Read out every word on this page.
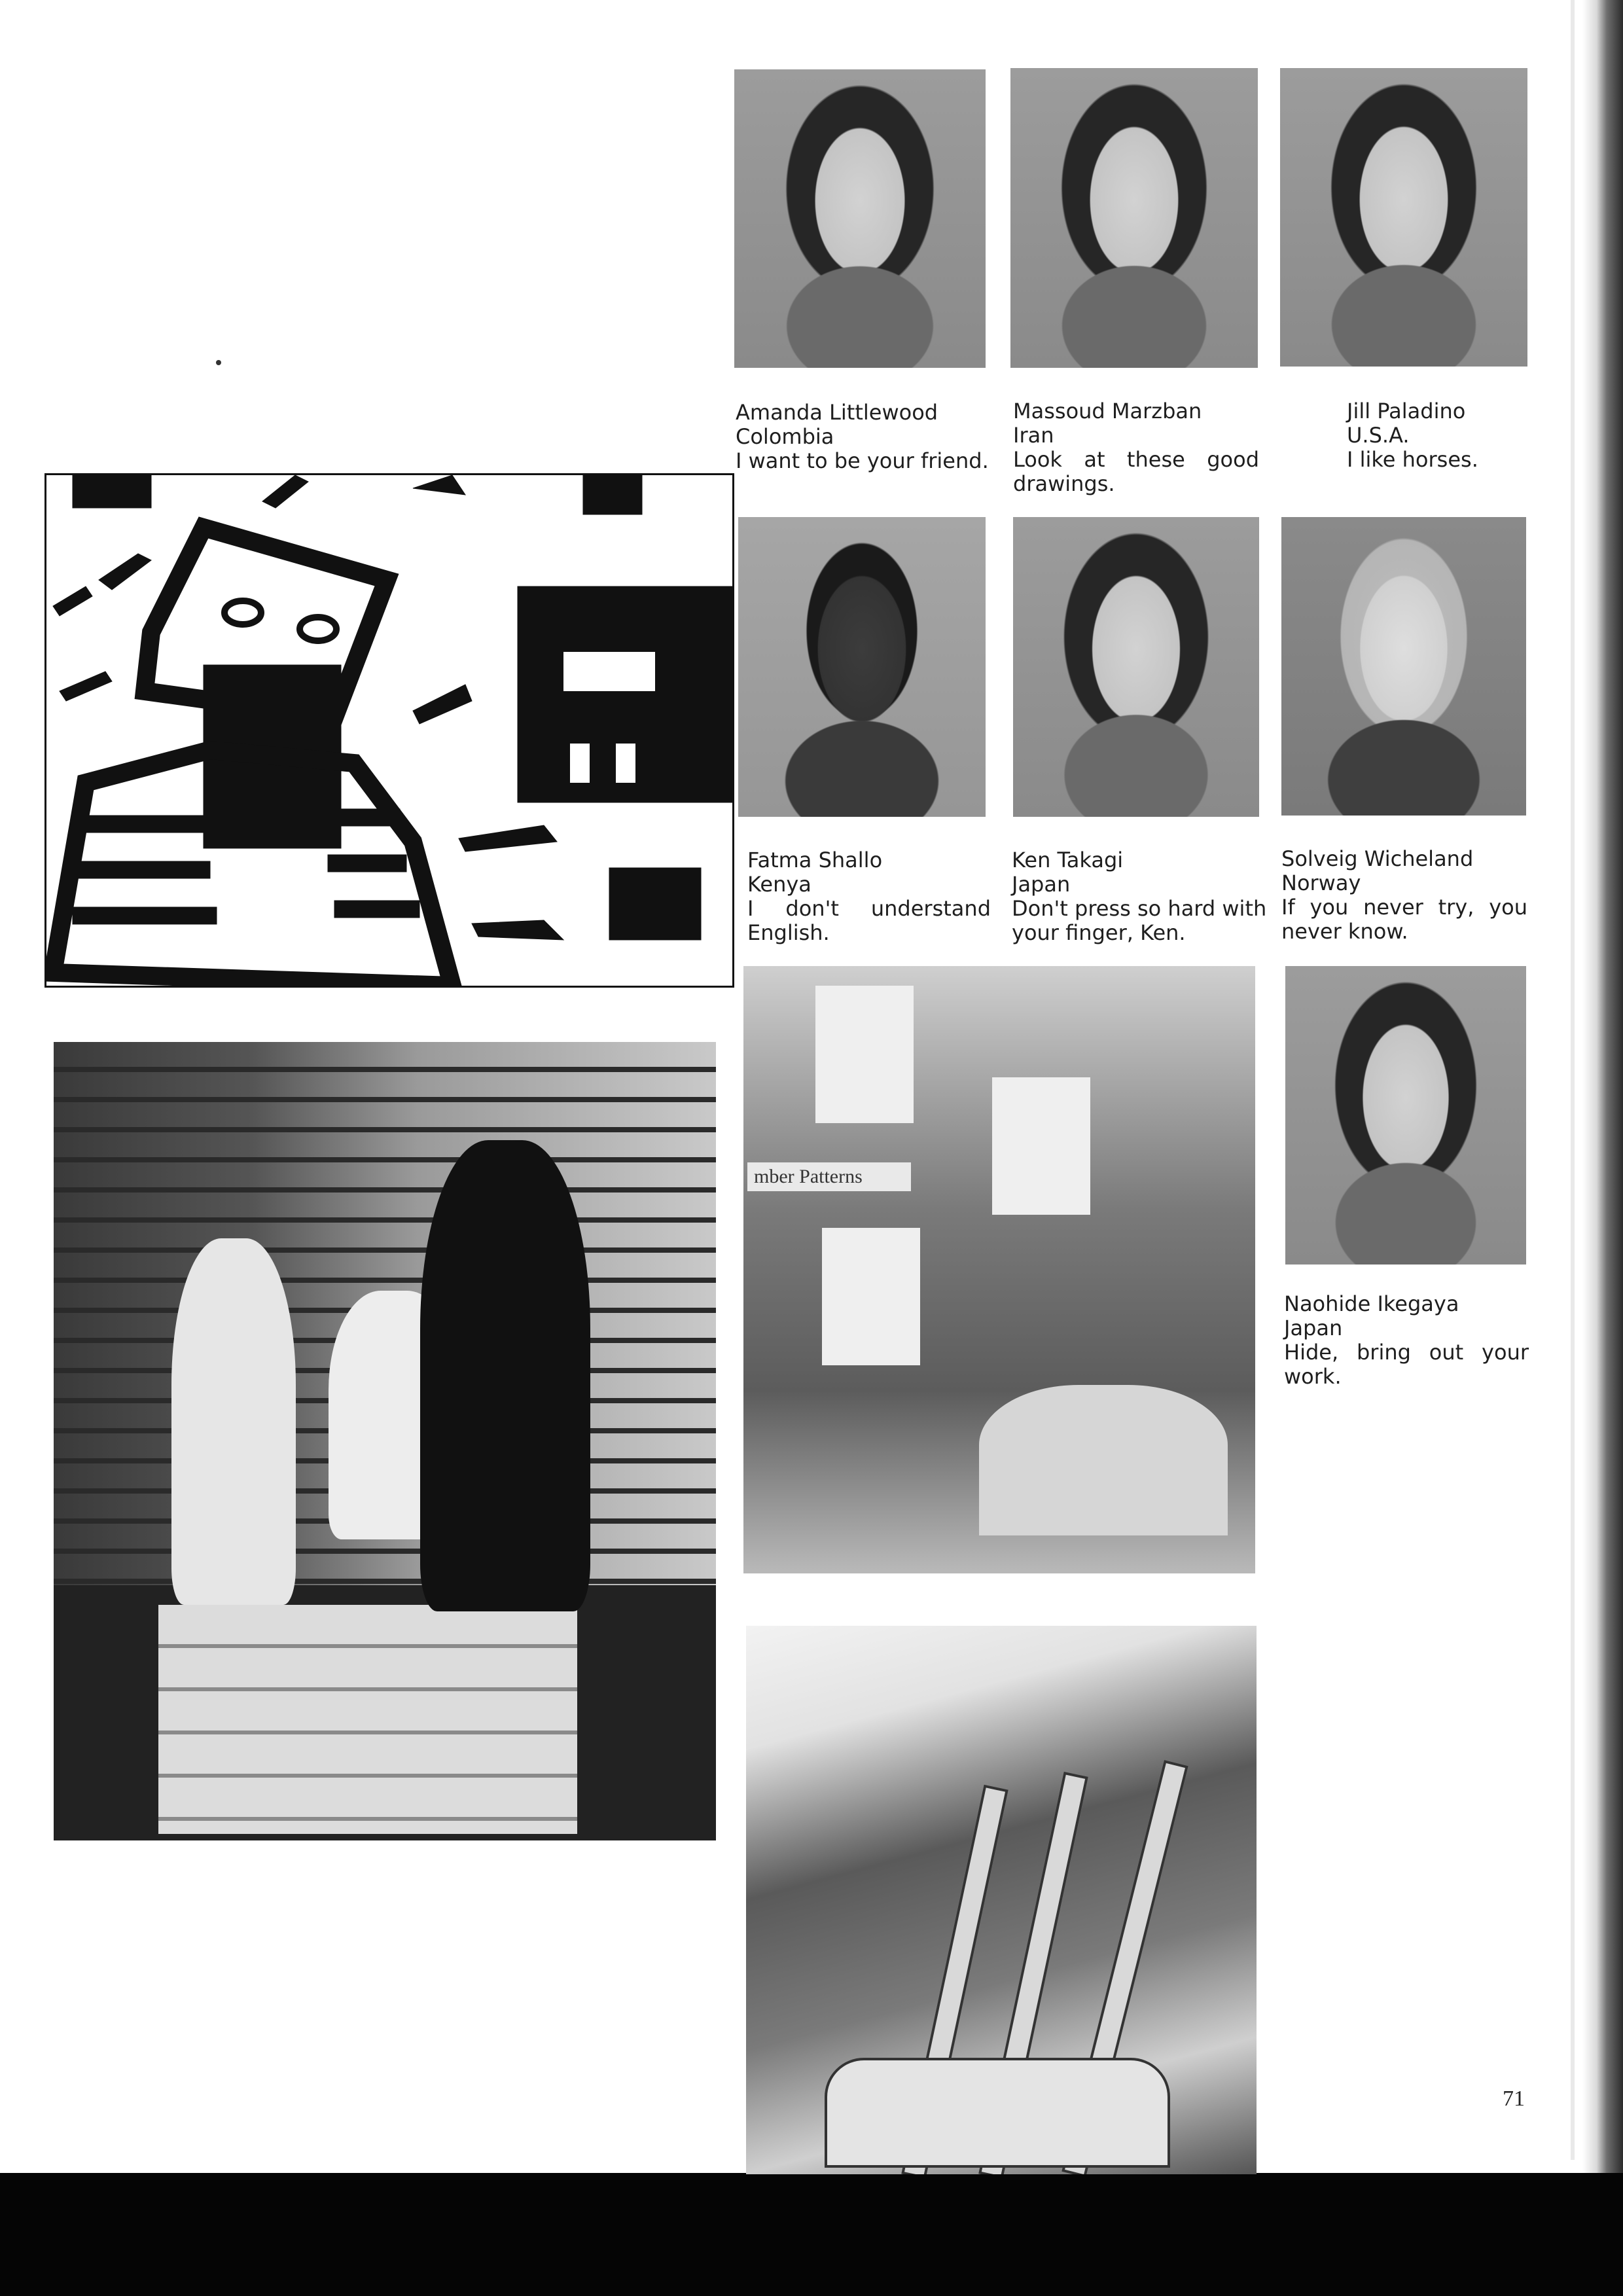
Amanda Littlewood
Colombia
I want to be your friend.
Massoud Marzban
Iran
Look at these good
drawings.
Jill Paladino
U.S.A.
I like horses.
Fatma Shallo
Kenya
I don't understand
English.
Ken Takagi
Japan
Don't press so hard with
your finger, Ken.
Solveig Wicheland
Norway
If you never try, you
never know.
mber Patterns
Naohide Ikegaya
Japan
Hide, bring out your
work.
71
